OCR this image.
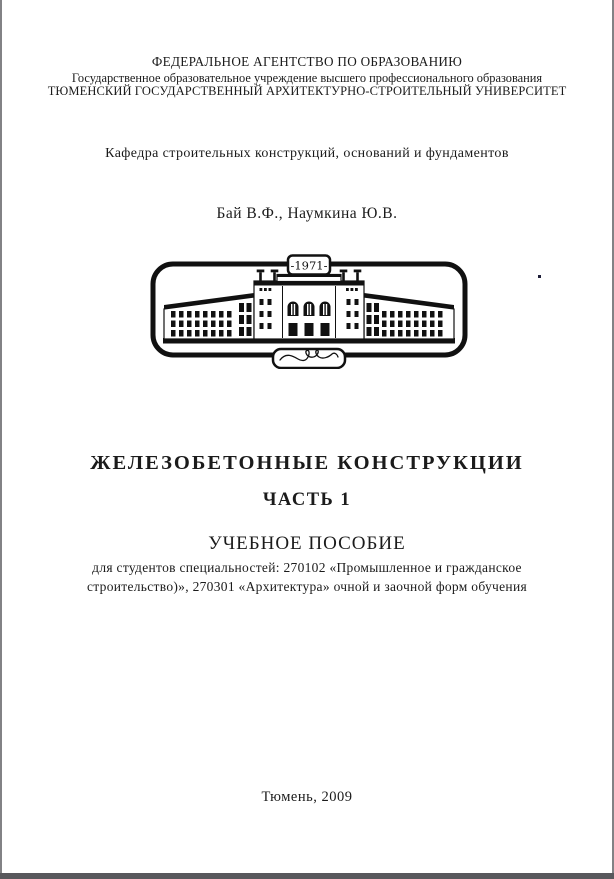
ФЕДЕРАЛЬНОЕ АГЕНТСТВО ПО ОБРАЗОВАНИЮ
Государственное образовательное учреждение высшего профессионального образования
ТЮМЕНСКИЙ ГОСУДАРСТВЕННЫЙ АРХИТЕКТУРНО-СТРОИТЕЛЬНЫЙ УНИВЕРСИТЕТ
Кафедра строительных конструкций, оснований и фундаментов
Бай В.Ф., Наумкина Ю.В.
-1971-
ЖЕЛЕЗОБЕТОННЫЕ КОНСТРУКЦИИ
ЧАСТЬ 1
УЧЕБНОЕ ПОСОБИЕ
для студентов специальностей: 270102 «Промышленное и гражданское
строительство)», 270301 «Архитектура» очной и заочной форм обучения
Тюмень, 2009
